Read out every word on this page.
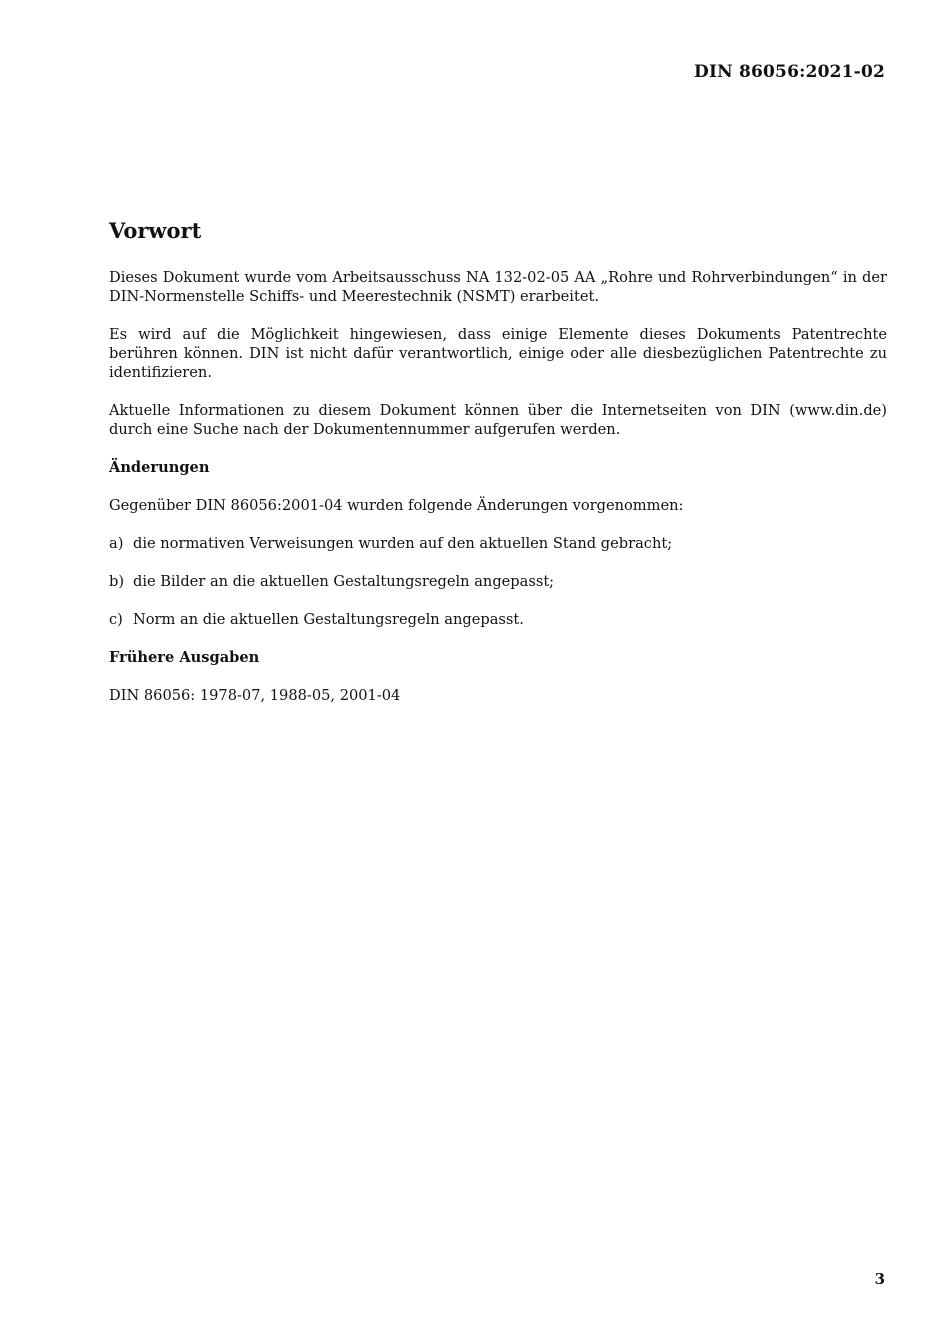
DIN 86056:2021-02
Vorwort

Dieses Dokument wurde vom Arbeitsausschuss NA 132-02-05 AA „Rohre und Rohrverbindungen“ in der DIN-Normenstelle Schiffs- und Meerestechnik (NSMT) erarbeitet.

Es wird auf die Möglichkeit hingewiesen, dass einige Elemente dieses Dokuments Patentrechte berühren können. DIN ist nicht dafür verantwortlich, einige oder alle diesbezüglichen Patentrechte zu identifizieren.

Aktuelle Informationen zu diesem Dokument können über die Internetseiten von DIN (www.din.de) durch eine Suche nach der Dokumentennummer aufgerufen werden.

Änderungen

Gegenüber DIN 86056:2001-04 wurden folgende Änderungen vorgenommen:

a) die normativen Verweisungen wurden auf den aktuellen Stand gebracht;
b) die Bilder an die aktuellen Gestaltungsregeln angepasst;
c) Norm an die aktuellen Gestaltungsregeln angepasst.
Frühere Ausgaben

DIN 86056: 1978-07, 1988-05, 2001-04

3
